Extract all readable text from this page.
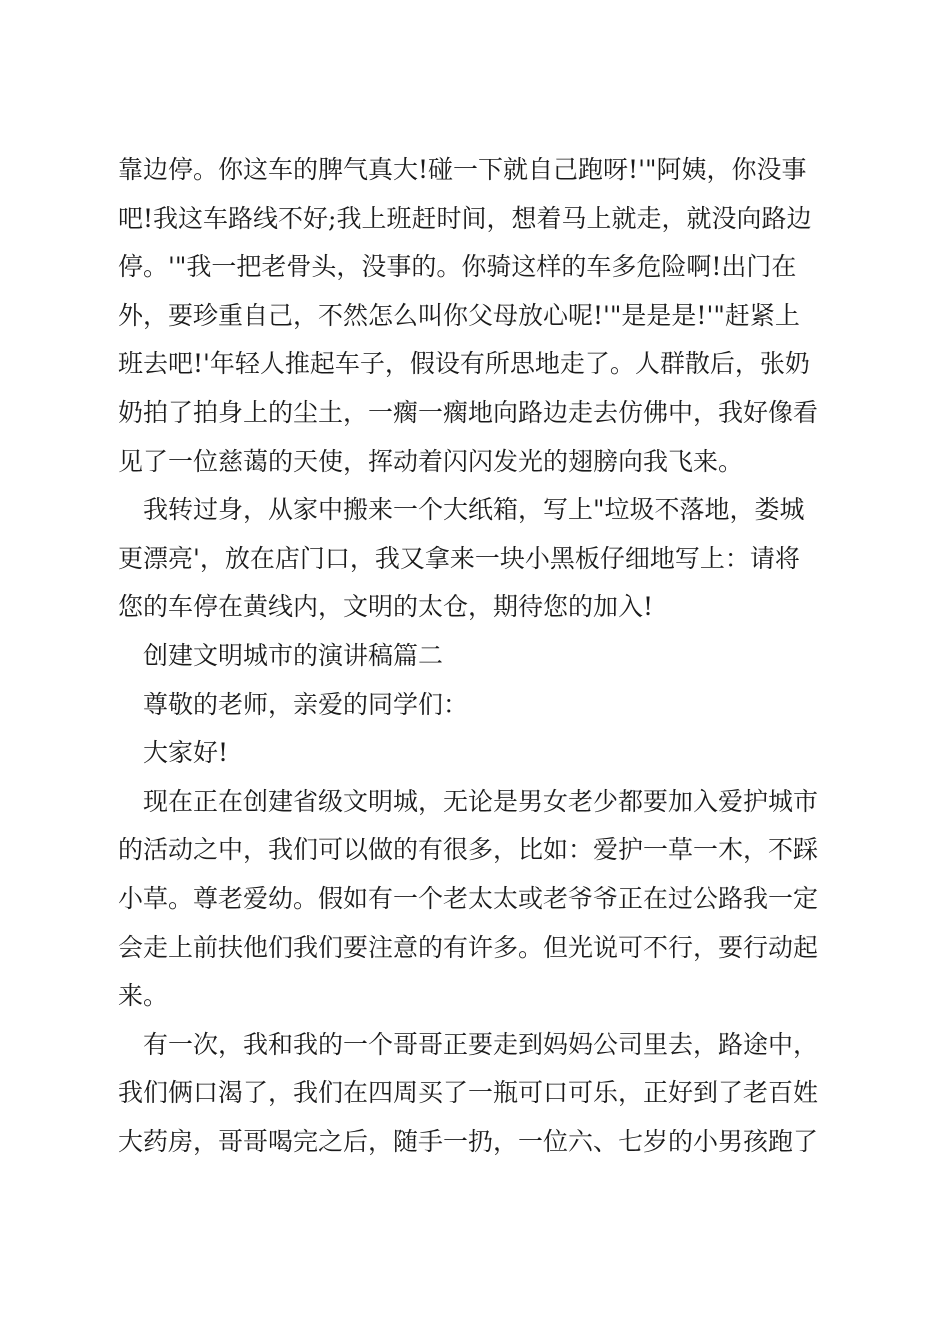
靠边停。你这车的脾气真大!碰一下就自己跑呀!'"阿姨，你没事
吧!我这车路线不好;我上班赶时间，想着马上就走，就没向路边
停。'"我一把老骨头，没事的。你骑这样的车多危险啊!出门在
外，要珍重自己，不然怎么叫你父母放心呢!'"是是是!'"赶紧上
班去吧!'年轻人推起车子，假设有所思地走了。人群散后，张奶
奶拍了拍身上的尘土，一瘸一瘸地向路边走去仿佛中，我好像看
见了一位慈蔼的天使，挥动着闪闪发光的翅膀向我飞来。
我转过身，从家中搬来一个大纸箱，写上"垃圾不落地，娄城
更漂亮'，放在店门口，我又拿来一块小黑板仔细地写上：请将
您的车停在黄线内，文明的太仓，期待您的加入!
创建文明城市的演讲稿篇二
尊敬的老师，亲爱的同学们：
大家好!
现在正在创建省级文明城，无论是男女老少都要加入爱护城市
的活动之中，我们可以做的有很多，比如：爱护一草一木，不踩
小草。尊老爱幼。假如有一个老太太或老爷爷正在过公路我一定
会走上前扶他们我们要注意的有许多。但光说可不行，要行动起
来。
有一次，我和我的一个哥哥正要走到妈妈公司里去，路途中，
我们俩口渴了，我们在四周买了一瓶可口可乐，正好到了老百姓
大药房，哥哥喝完之后，随手一扔，一位六、七岁的小男孩跑了
